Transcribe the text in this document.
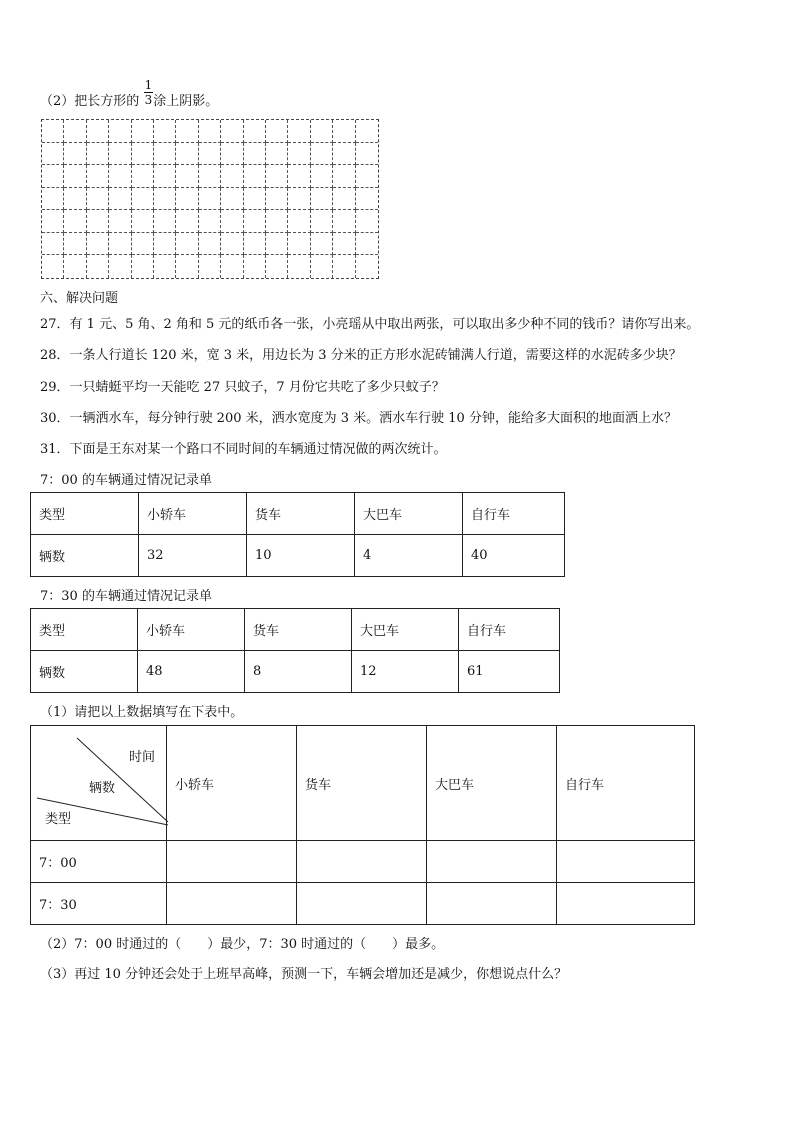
（2）把长方形的 涂上阴影。
1
3
六、解决问题
27．有 1 元、5 角、2 角和 5 元的纸币各一张，小亮瑶从中取出两张，可以取出多少种不同的钱币？请你写出来。
28．一条人行道长 120 米，宽 3 米，用边长为 3 分米的正方形水泥砖铺满人行道，需要这样的水泥砖多少块？
29．一只蜻蜓平均一天能吃 27 只蚊子，7 月份它共吃了多少只蚊子？
30．一辆洒水车，每分钟行驶 200 米，洒水宽度为 3 米。洒水车行驶 10 分钟，能给多大面积的地面洒上水？
31．下面是王东对某一个路口不同时间的车辆通过情况做的两次统计。
7：00 的车辆通过情况记录单
类型	小轿车	货车	大巴车	自行车
辆数	32	10	4	40
7：30 的车辆通过情况记录单
类型	小轿车	货车	大巴车	自行车
辆数	48	8	12	61
（1）请把以上数据填写在下表中。
时间
辆数
类型	小轿车	货车	大巴车	自行车
7：00				
7：30				
（2）7：00 时通过的（　　）最少，7：30 时通过的（　　）最多。
（3）再过 10 分钟还会处于上班早高峰，预测一下，车辆会增加还是减少，你想说点什么？
